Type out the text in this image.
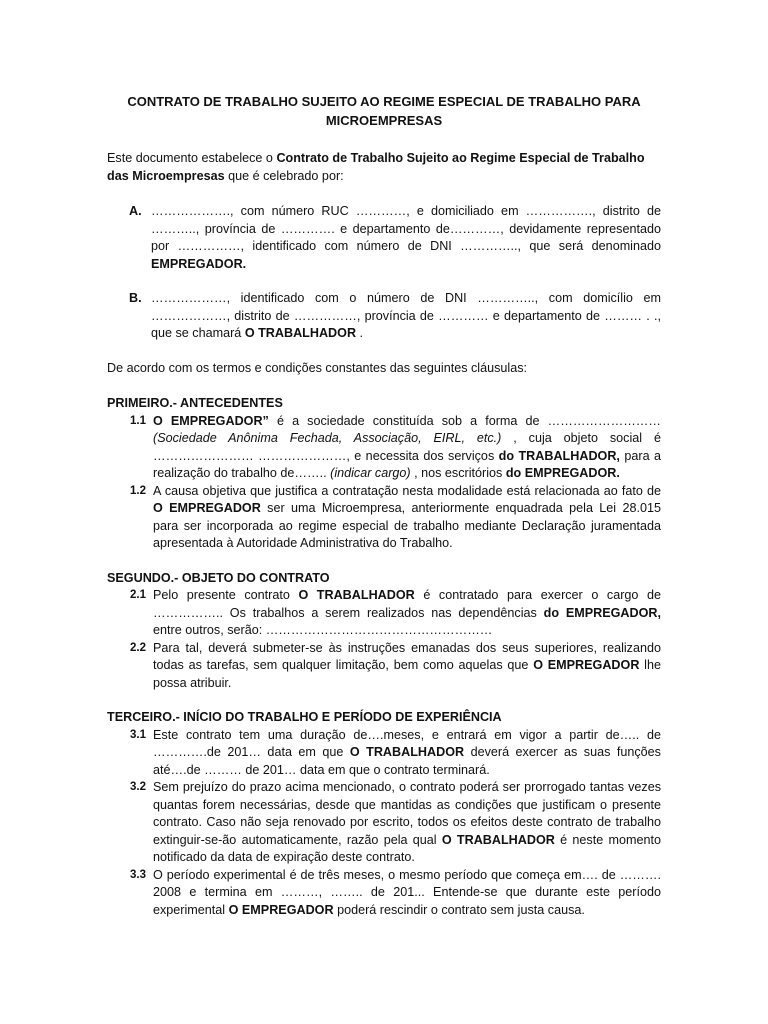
CONTRATO DE TRABALHO SUJEITO AO REGIME ESPECIAL DE TRABALHO PARA
MICROEMPRESAS

Este documento estabelece o Contrato de Trabalho Sujeito ao Regime Especial de Trabalho das Microempresas que é celebrado por:

A. ………………., com número RUC …………, e domiciliado em ……………., distrito de ……….., província de …………. e departamento de…………, devidamente representado por ……………, identificado com número de DNI ………….., que será denominado EMPREGADOR.
B. ………………, identificado com o número de DNI ………….., com domicílio em ………………, distrito de ……………, província de ………… e departamento de ……… . ., que se chamará O TRABALHADOR .

De acordo com os termos e condições constantes das seguintes cláusulas:

PRIMEIRO.- ANTECEDENTES
1.1 O EMPREGADOR” é a sociedade constituída sob a forma de ……………………… (Sociedade Anônima Fechada, Associação, EIRL, etc.) , cuja objeto social é …………………… …………………, e necessita dos serviços do TRABALHADOR, para a realização do trabalho de…….. (indicar cargo) , nos escritórios do EMPREGADOR.
1.2 A causa objetiva que justifica a contratação nesta modalidade está relacionada ao fato de O EMPREGADOR ser uma Microempresa, anteriormente enquadrada pela Lei 28.015 para ser incorporada ao regime especial de trabalho mediante Declaração juramentada apresentada à Autoridade Administrativa do Trabalho.
SEGUNDO.- OBJETO DO CONTRATO
2.1 Pelo presente contrato O TRABALHADOR é contratado para exercer o cargo de …………….. Os trabalhos a serem realizados nas dependências do EMPREGADOR, entre outros, serão: ………………………………………………
2.2 Para tal, deverá submeter-se às instruções emanadas dos seus superiores, realizando todas as tarefas, sem qualquer limitação, bem como aquelas que O EMPREGADOR lhe possa atribuir.
TERCEIRO.- INÍCIO DO TRABALHO E PERÍODO DE EXPERIÊNCIA
3.1 Este contrato tem uma duração de….meses, e entrará em vigor a partir de….. de ………….de 201… data em que O TRABALHADOR deverá exercer as suas funções até….de ……… de 201… data em que o contrato terminará.
3.2 Sem prejuízo do prazo acima mencionado, o contrato poderá ser prorrogado tantas vezes quantas forem necessárias, desde que mantidas as condições que justificam o presente contrato. Caso não seja renovado por escrito, todos os efeitos deste contrato de trabalho extinguir-se-ão automaticamente, razão pela qual O TRABALHADOR é neste momento notificado da data de expiração deste contrato.
3.3 O período experimental é de três meses, o mesmo período que começa em…. de ………. 2008 e termina em ………, …….. de 201... Entende-se que durante este período experimental O EMPREGADOR poderá rescindir o contrato sem justa causa.
